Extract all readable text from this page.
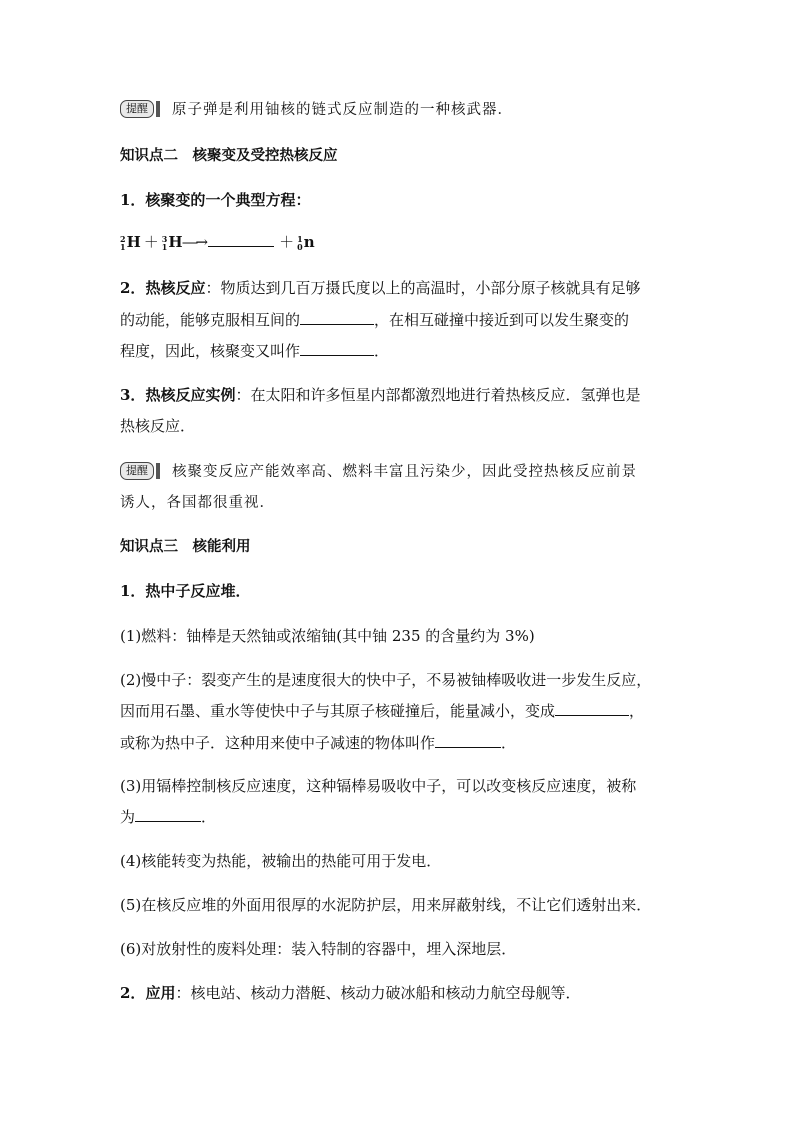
提醒	原子弹是利用铀核的链式反应制造的一种核武器．
知识点二　核聚变及受控热核反应
1．核聚变的一个典型方程：
2
1 H ＋ 3
1 H―→	＋ 1
0 n
2．热核反应：物质达到几百万摄氏度以上的高温时，小部分原子核就具有足够
的动能，能够克服相互间的	，在相互碰撞中接近到可以发生聚变的
程度，因此，核聚变又叫作	．
3．热核反应实例：在太阳和许多恒星内部都激烈地进行着热核反应．氢弹也是
热核反应．
提醒	核聚变反应产能效率高、燃料丰富且污染少，因此受控热核反应前景
诱人，各国都很重视．
知识点三　核能利用
1．热中子反应堆．
(1)燃料：铀棒是天然铀或浓缩铀(其中铀 235 的含量约为 3%)
(2)慢中子：裂变产生的是速度很大的快中子，不易被铀棒吸收进一步发生反应，
因而用石墨、重水等使快中子与其原子核碰撞后，能量减小，变成	，
或称为热中子．这种用来使中子减速的物体叫作	．
(3)用镉棒控制核反应速度，这种镉棒易吸收中子，可以改变核反应速度，被称
为	．
(4)核能转变为热能，被输出的热能可用于发电．
(5)在核反应堆的外面用很厚的水泥防护层，用来屏蔽射线，不让它们透射出来．
(6)对放射性的废料处理：装入特制的容器中，埋入深地层．
2．应用：核电站、核动力潜艇、核动力破冰船和核动力航空母舰等．
